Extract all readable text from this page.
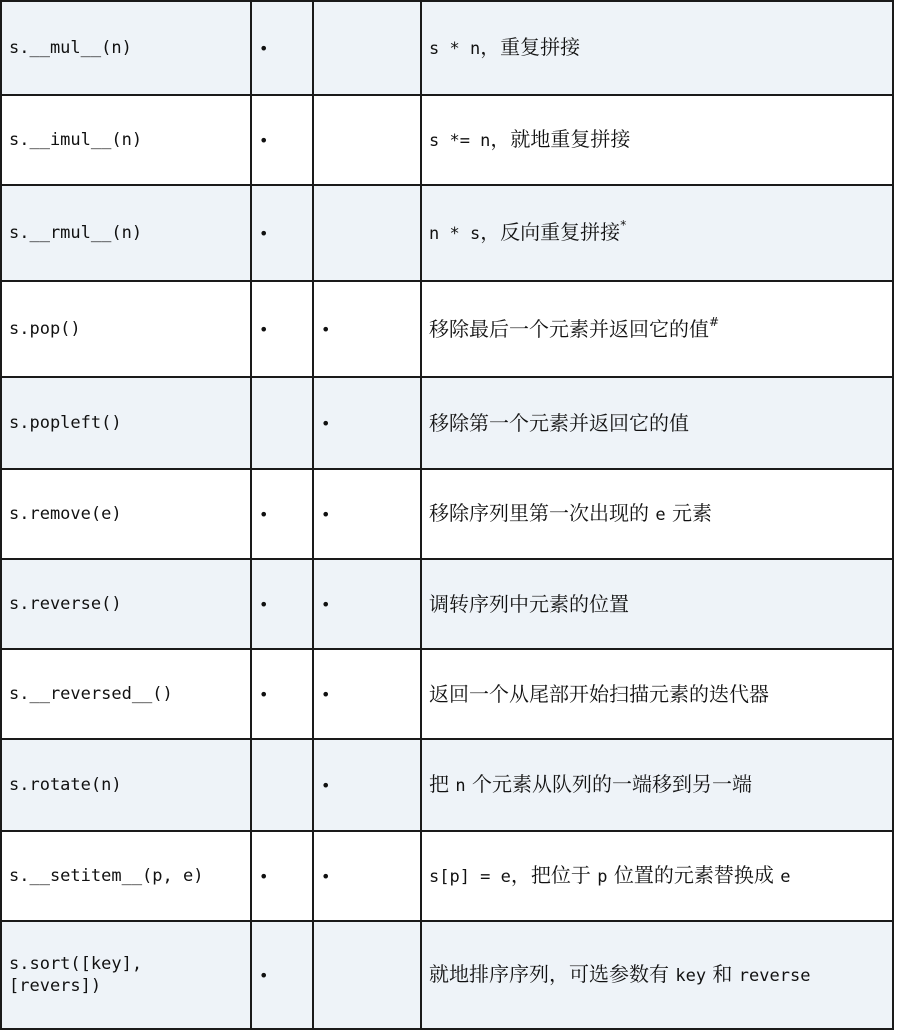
s.__mul__(n)	•		s * n，重复拼接
s.__imul__(n)	•		s *= n，就地重复拼接
s.__rmul__(n)	•		n * s，反向重复拼接*
s.pop()	•	•	移除最后一个元素并返回它的值#
s.popleft()		•	移除第一个元素并返回它的值
s.remove(e)	•	•	移除序列里第一次出现的 e 元素
s.reverse()	•	•	调转序列中元素的位置
s.__reversed__()	•	•	返回一个从尾部开始扫描元素的迭代器
s.rotate(n)		•	把 n 个元素从队列的一端移到另一端
s.__setitem__(p, e)	•	•	s[p] = e，把位于 p 位置的元素替换成 e
s.sort([key],
[revers])	•		就地排序序列，可选参数有 key 和 reverse
